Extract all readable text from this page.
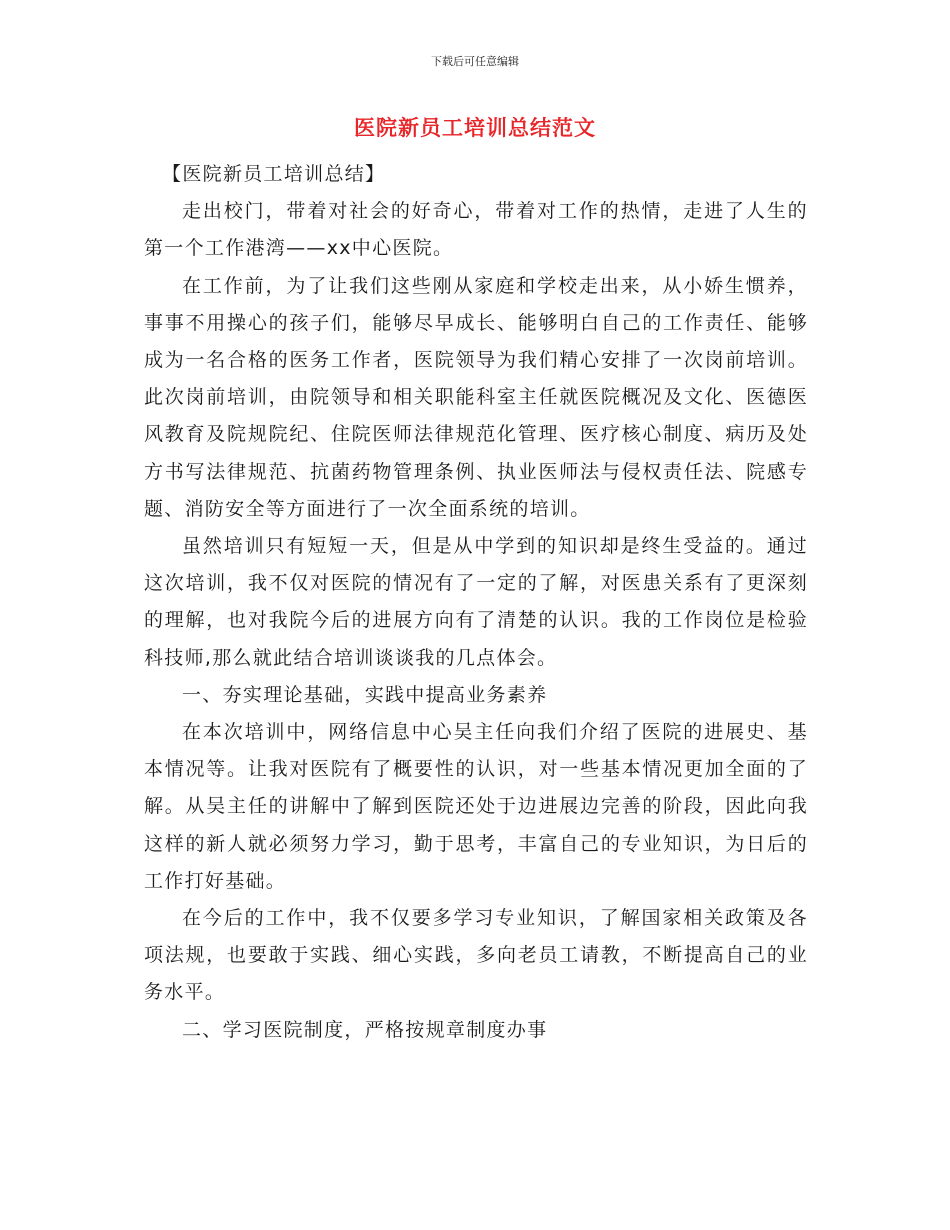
下载后可任意编辑
医院新员工培训总结范文

【医院新员工培训总结】

走出校门，带着对社会的好奇心，带着对工作的热情，走进了人生的第一个工作港湾——xx中心医院。

在工作前，为了让我们这些刚从家庭和学校走出来，从小娇生惯养，事事不用操心的孩子们，能够尽早成长、能够明白自己的工作责任、能够成为一名合格的医务工作者，医院领导为我们精心安排了一次岗前培训。 此次岗前培训，由院领导和相关职能科室主任就医院概况及文化、医德医风教育及院规院纪、住院医师法律规范化管理、医疗核心制度、病历及处方书写法律规范、抗菌药物管理条例、执业医师法与侵权责任法、院感专题、消防安全等方面进行了一次全面系统的培训。

虽然培训只有短短一天，但是从中学到的知识却是终生受益的。通过这次培训，我不仅对医院的情况有了一定的了解，对医患关系有了更深刻的理解，也对我院今后的进展方向有了清楚的认识。我的工作岗位是检验科技师,那么就此结合培训谈谈我的几点体会。

一、夯实理论基础，实践中提高业务素养

在本次培训中，网络信息中心吴主任向我们介绍了医院的进展史、基本情况等。让我对医院有了概要性的认识，对一些基本情况更加全面的了解。从吴主任的讲解中了解到医院还处于边进展边完善的阶段，因此向我这样的新人就必须努力学习，勤于思考，丰富自己的专业知识，为日后的工作打好基础。

在今后的工作中，我不仅要多学习专业知识，了解国家相关政策及各项法规，也要敢于实践、细心实践，多向老员工请教，不断提高自己的业务水平。

二、学习医院制度，严格按规章制度办事
